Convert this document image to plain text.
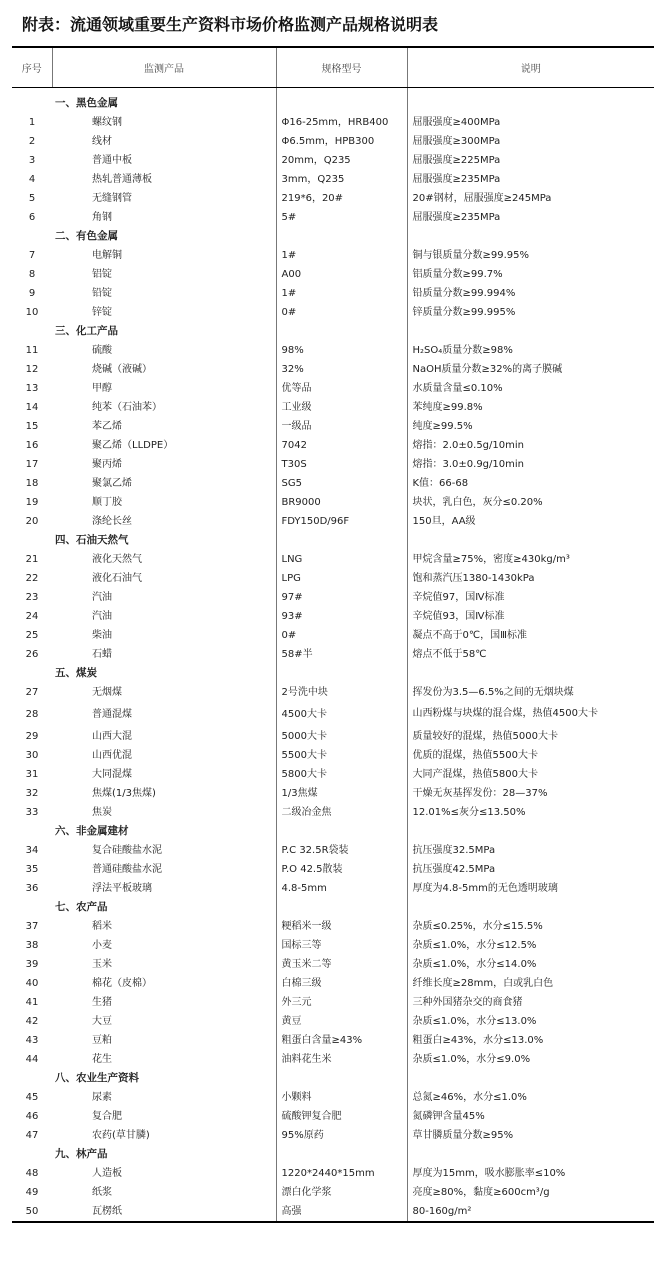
附表：流通领域重要生产资料市场价格监测产品规格说明表
序号	监测产品	规格型号	说明
	一、黑色金属		
1	螺纹钢	Φ16-25mm，HRB400	屈服强度≥400MPa
2	线材	Φ6.5mm，HPB300	屈服强度≥300MPa
3	普通中板	20mm，Q235	屈服强度≥225MPa
4	热轧普通薄板	3mm，Q235	屈服强度≥235MPa
5	无缝钢管	219*6，20#	20#钢材，屈服强度≥245MPa
6	角钢	5#	屈服强度≥235MPa
	二、有色金属		
7	电解铜	1#	铜与银质量分数≥99.95%
8	铝锭	A00	铝质量分数≥99.7%
9	铅锭	1#	铅质量分数≥99.994%
10	锌锭	0#	锌质量分数≥99.995%
	三、化工产品		
11	硫酸	98%	H₂SO₄质量分数≥98%
12	烧碱（液碱）	32%	NaOH质量分数≥32%的离子膜碱
13	甲醇	优等品	水质量含量≤0.10%
14	纯苯（石油苯）	工业级	苯纯度≥99.8%
15	苯乙烯	一级品	纯度≥99.5%
16	聚乙烯（LLDPE）	7042	熔指：2.0±0.5g/10min
17	聚丙烯	T30S	熔指：3.0±0.9g/10min
18	聚氯乙烯	SG5	K值：66-68
19	顺丁胶	BR9000	块状，乳白色，灰分≤0.20%
20	涤纶长丝	FDY150D/96F	150旦，AA级
	四、石油天然气		
21	液化天然气	LNG	甲烷含量≥75%，密度≥430kg/m³
22	液化石油气	LPG	饱和蒸汽压1380-1430kPa
23	汽油	97#	辛烷值97，国Ⅳ标准
24	汽油	93#	辛烷值93，国Ⅳ标准
25	柴油	0#	凝点不高于0℃，国Ⅲ标准
26	石蜡	58#半	熔点不低于58℃
	五、煤炭		
27	无烟煤	2号洗中块	挥发份为3.5—6.5%之间的无烟块煤
28	普通混煤	4500大卡	山西粉煤与块煤的混合煤，热值4500大卡
29	山西大混	5000大卡	质量较好的混煤，热值5000大卡
30	山西优混	5500大卡	优质的混煤，热值5500大卡
31	大同混煤	5800大卡	大同产混煤，热值5800大卡
32	焦煤(1/3焦煤)	1/3焦煤	干燥无灰基挥发份：28—37%
33	焦炭	二级冶金焦	12.01%≤灰分≤13.50%
	六、非金属建材		
34	复合硅酸盐水泥	P.C 32.5R袋装	抗压强度32.5MPa
35	普通硅酸盐水泥	P.O 42.5散装	抗压强度42.5MPa
36	浮法平板玻璃	4.8-5mm	厚度为4.8-5mm的无色透明玻璃
	七、农产品		
37	稻米	粳稻米一级	杂质≤0.25%，水分≤15.5%
38	小麦	国标三等	杂质≤1.0%，水分≤12.5%
39	玉米	黄玉米二等	杂质≤1.0%，水分≤14.0%
40	棉花（皮棉）	白棉三级	纤维长度≥28mm，白或乳白色
41	生猪	外三元	三种外国猪杂交的商食猪
42	大豆	黄豆	杂质≤1.0%，水分≤13.0%
43	豆粕	粗蛋白含量≥43%	粗蛋白≥43%，水分≤13.0%
44	花生	油料花生米	杂质≤1.0%，水分≤9.0%
	八、农业生产资料		
45	尿素	小颗料	总氮≥46%，水分≤1.0%
46	复合肥	硫酸钾复合肥	氮磷钾含量45%
47	农药(草甘膦)	95%原药	草甘膦质量分数≥95%
	九、林产品		
48	人造板	1220*2440*15mm	厚度为15mm，吸水膨胀率≤10%
49	纸浆	漂白化学浆	亮度≥80%，黏度≥600cm³/g
50	瓦楞纸	高强	80-160g/m²
